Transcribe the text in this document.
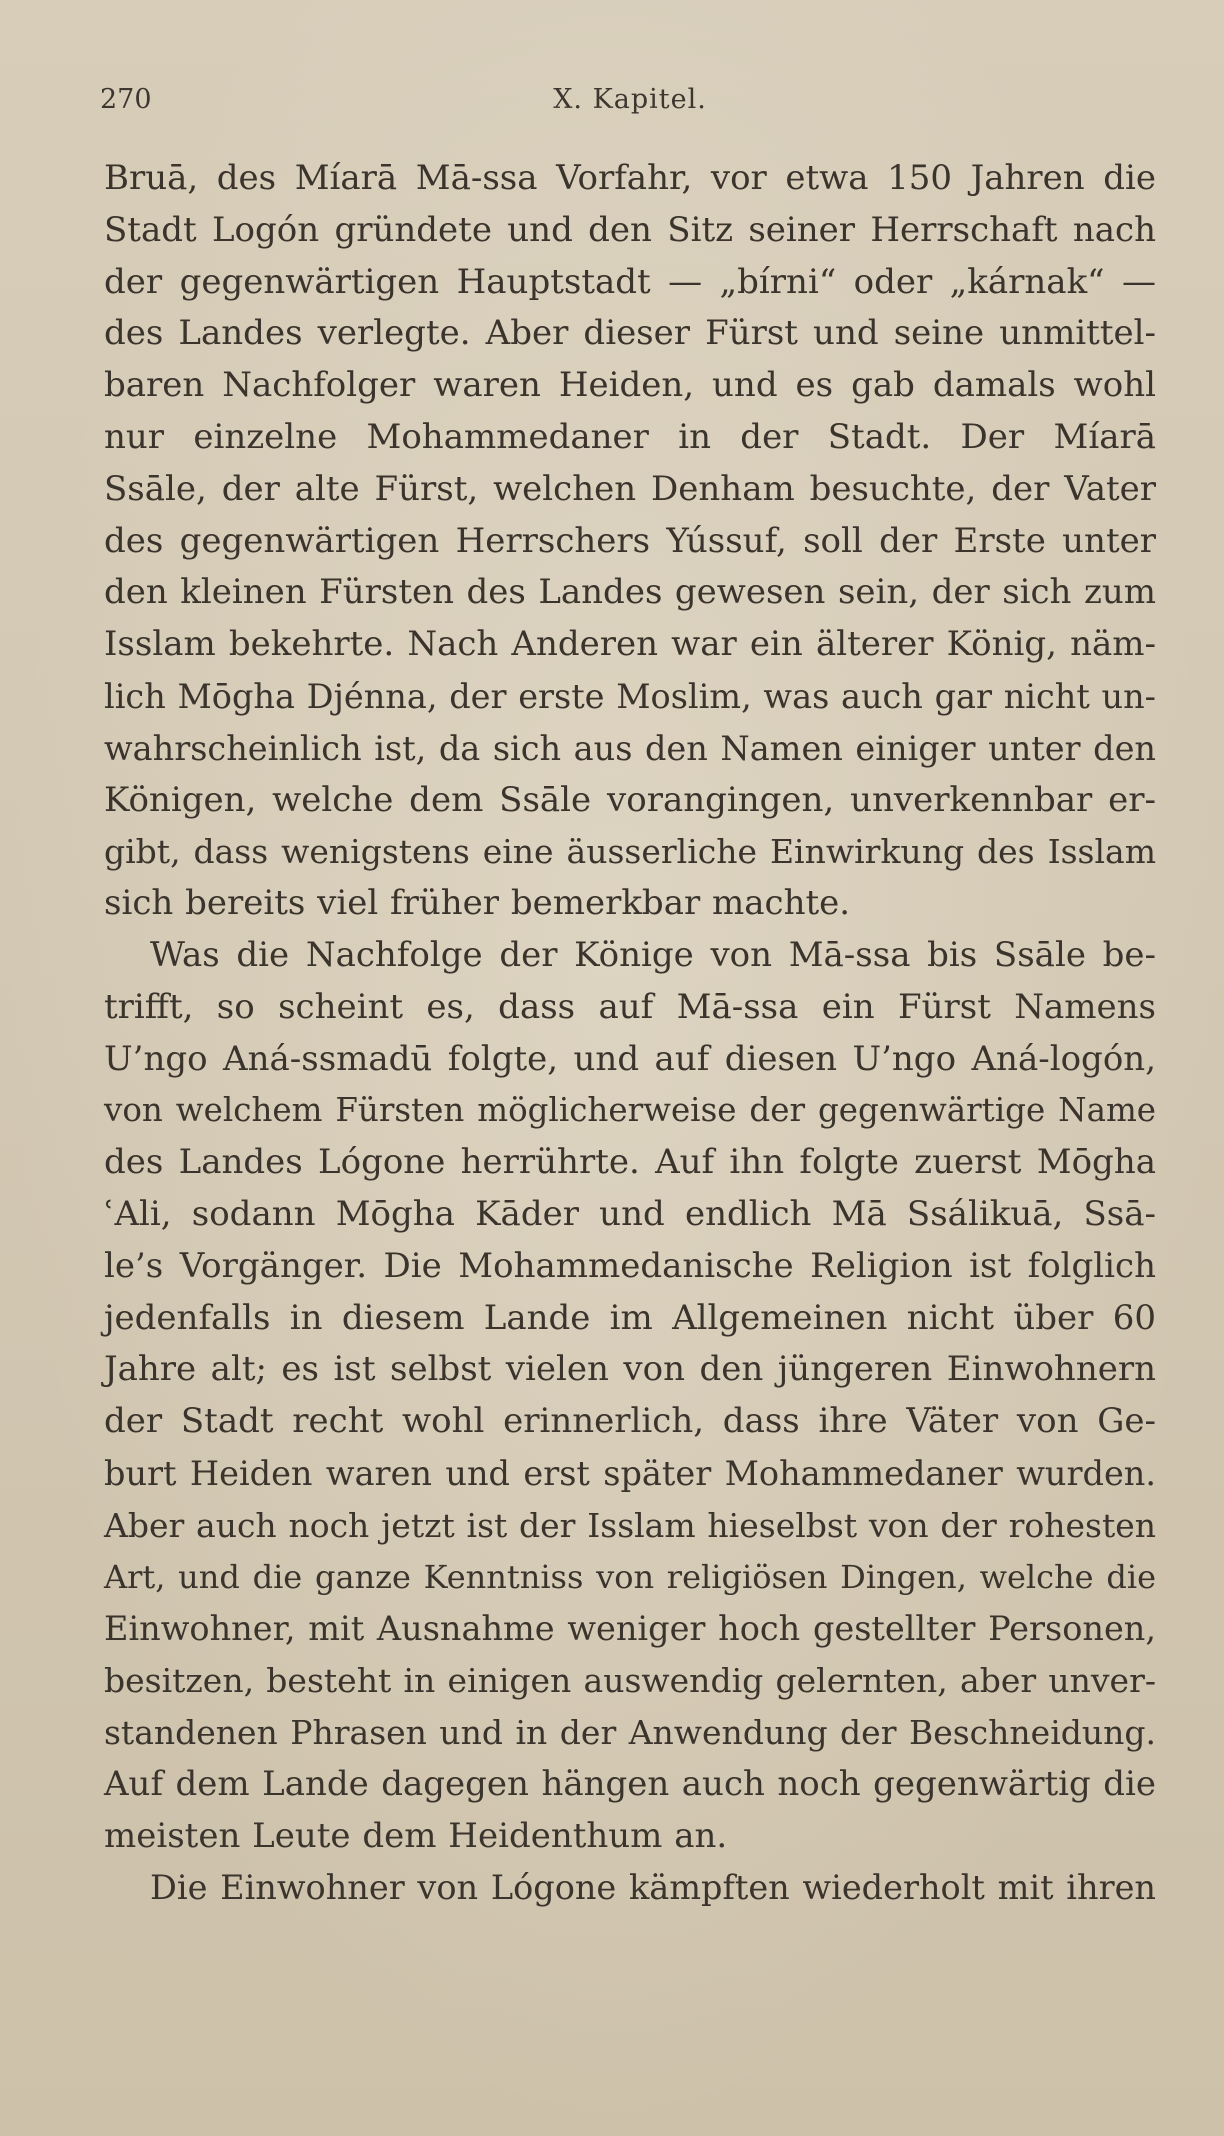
270	X. Kapitel.
Bruā, des Míarā Mā-ssa Vorfahr, vor etwa 150 Jahren die
Stadt Logón gründete und den Sitz seiner Herrschaft nach
der gegenwärtigen Hauptstadt — „bírni“ oder „kárnak“ —
des Landes verlegte. Aber dieser Fürst und seine unmittel-
baren Nachfolger waren Heiden, und es gab damals wohl
nur einzelne Mohammedaner in der Stadt. Der Míarā
Ssāle, der alte Fürst, welchen Denham besuchte, der Vater
des gegenwärtigen Herrschers Yússuf, soll der Erste unter
den kleinen Fürsten des Landes gewesen sein, der sich zum
Isslam bekehrte. Nach Anderen war ein älterer König, näm-
lich Mōgha Djénna, der erste Moslim, was auch gar nicht un-
wahrscheinlich ist, da sich aus den Namen einiger unter den
Königen, welche dem Ssāle vorangingen, unverkennbar er-
gibt, dass wenigstens eine äusserliche Einwirkung des Isslam
sich bereits viel früher bemerkbar machte.
Was die Nachfolge der Könige von Mā-ssa bis Ssāle be-
trifft, so scheint es, dass auf Mā-ssa ein Fürst Namens
U’ngo Aná-ssmadū folgte, und auf diesen U’ngo Aná-logón,
von welchem Fürsten möglicherweise der gegenwärtige Name
des Landes Lógone herrührte. Auf ihn folgte zuerst Mōgha
ʿAli, sodann Mōgha Kāder und endlich Mā Ssálikuā, Ssā-
le’s Vorgänger. Die Mohammedanische Religion ist folglich
jedenfalls in diesem Lande im Allgemeinen nicht über 60
Jahre alt; es ist selbst vielen von den jüngeren Einwohnern
der Stadt recht wohl erinnerlich, dass ihre Väter von Ge-
burt Heiden waren und erst später Mohammedaner wurden.
Aber auch noch jetzt ist der Isslam hieselbst von der rohesten
Art, und die ganze Kenntniss von religiösen Dingen, welche die
Einwohner, mit Ausnahme weniger hoch gestellter Personen,
besitzen, besteht in einigen auswendig gelernten, aber unver-
standenen Phrasen und in der Anwendung der Beschneidung.
Auf dem Lande dagegen hängen auch noch gegenwärtig die
meisten Leute dem Heidenthum an.
Die Einwohner von Lógone kämpften wiederholt mit ihren
